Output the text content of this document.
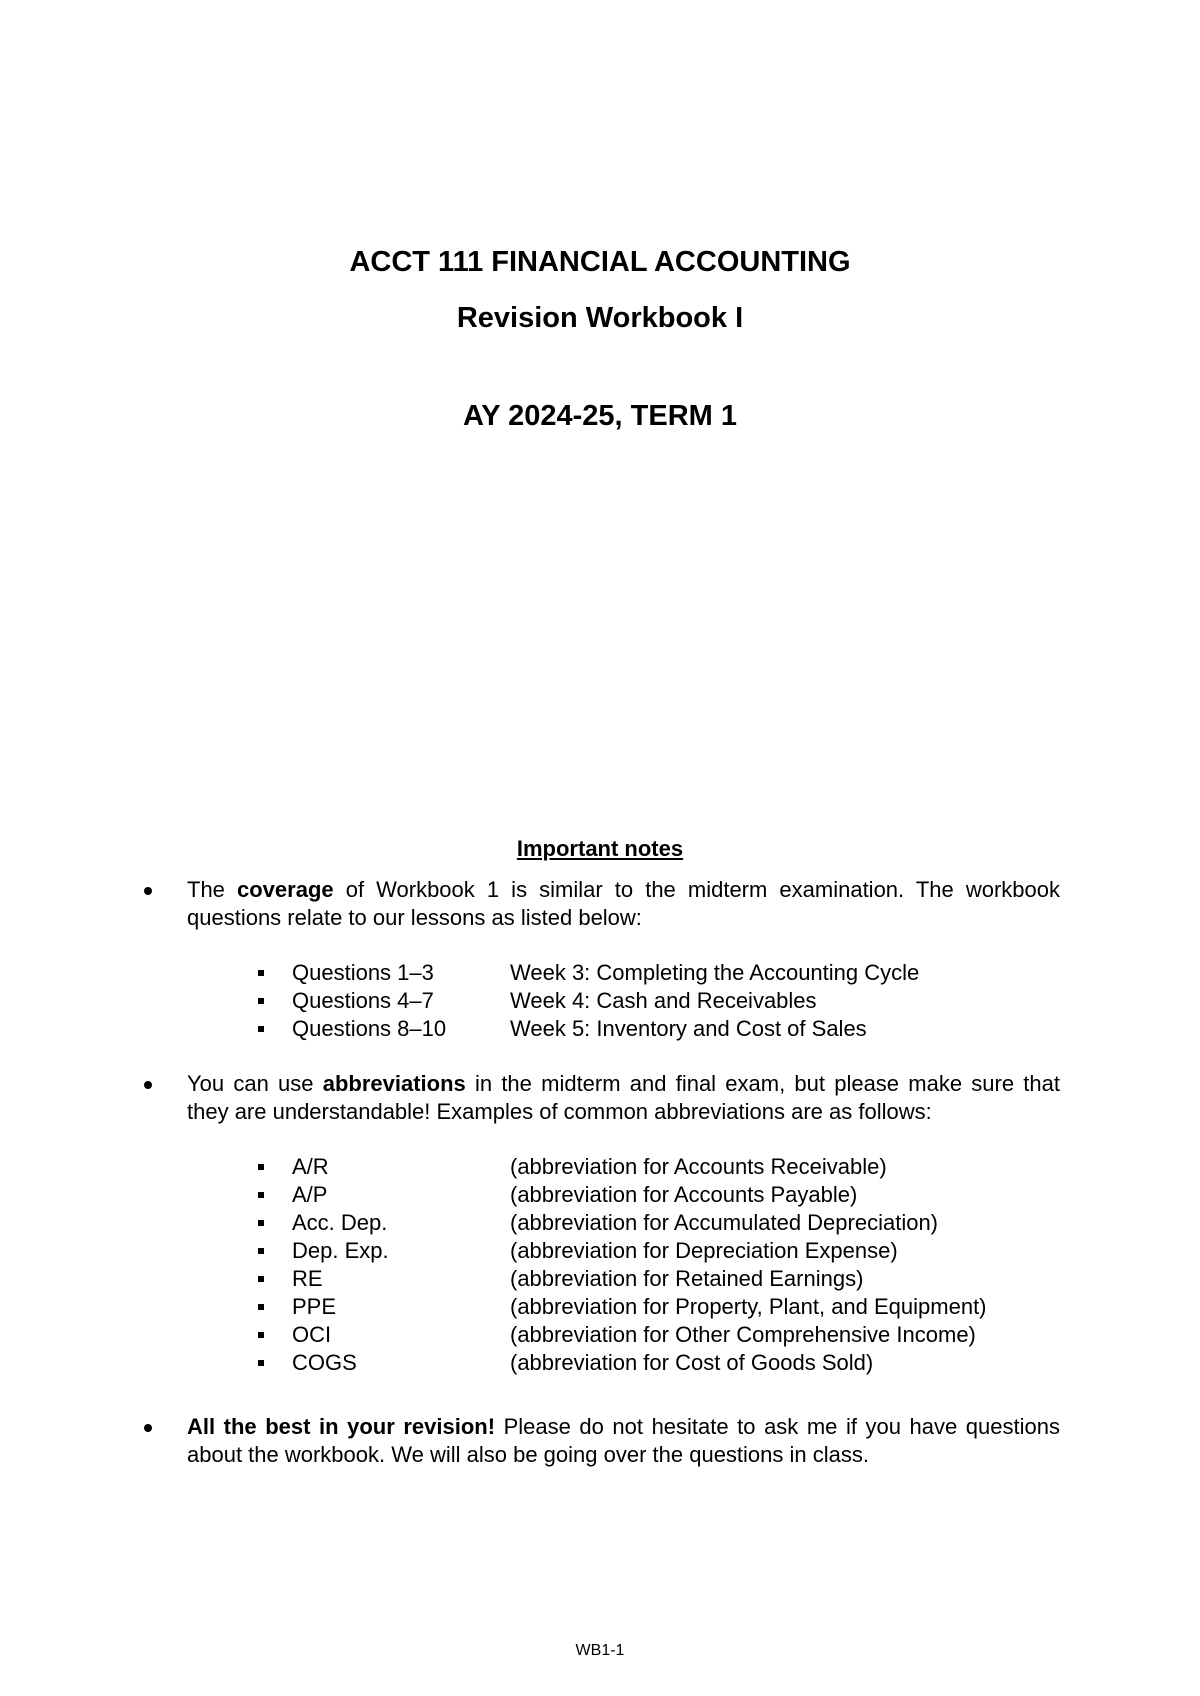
ACCT 111 FINANCIAL ACCOUNTING
Revision Workbook I
AY 2024-25, TERM 1
Important notes
The coverage of Workbook 1 is similar to the midterm examination. The workbook questions relate to our lessons as listed below:
Questions 1–3	Week 3: Completing the Accounting Cycle
Questions 4–7	Week 4: Cash and Receivables
Questions 8–10	Week 5: Inventory and Cost of Sales
You can use abbreviations in the midterm and final exam, but please make sure that they are understandable! Examples of common abbreviations are as follows:
A/R	(abbreviation for Accounts Receivable)
A/P	(abbreviation for Accounts Payable)
Acc. Dep.	(abbreviation for Accumulated Depreciation)
Dep. Exp.	(abbreviation for Depreciation Expense)
RE	(abbreviation for Retained Earnings)
PPE	(abbreviation for Property, Plant, and Equipment)
OCI	(abbreviation for Other Comprehensive Income)
COGS	(abbreviation for Cost of Goods Sold)
All the best in your revision! Please do not hesitate to ask me if you have questions about the workbook. We will also be going over the questions in class.
WB1-1
